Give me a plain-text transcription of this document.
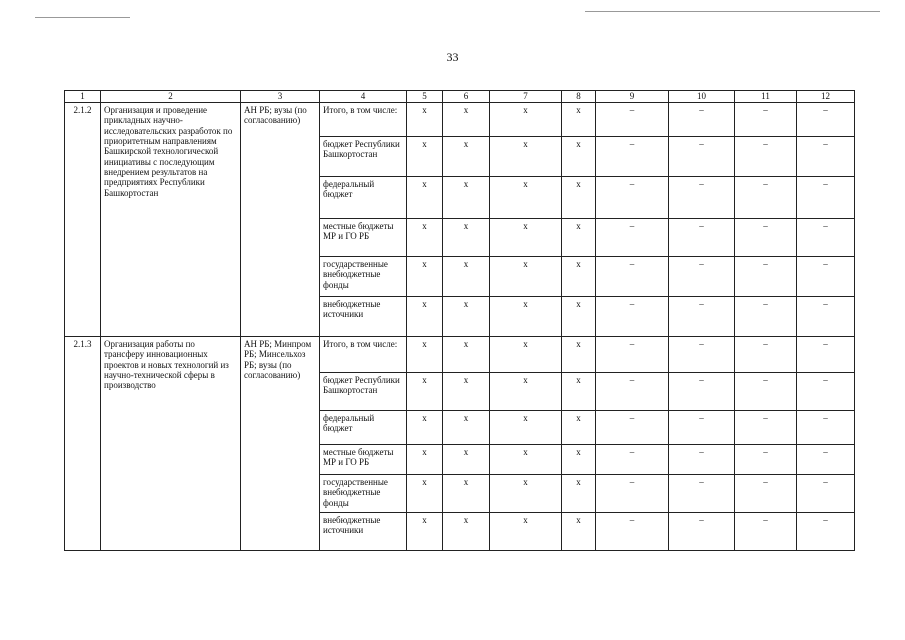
33
1	2	3	4	5	6	7	8	9	10	11	12
2.1.2	Организация и проведение прикладных научно-исследовательских разработок по приоритетным направлениям Башкирской технологической инициативы с последующим внедрением результатов на предприятиях Республики Башкортостан	АН РБ; вузы (по согласованию)	Итого, в том числе:	х	х	х	х	–	–	–	–
			бюджет Республики Башкортостан	х	х	х	х	–	–	–	–
			федеральный бюджет	х	х	х	х	–	–	–	–
			местные бюджеты МР и ГО РБ	х	х	х	х	–	–	–	–
			государственные внебюджетные фонды	х	х	х	х	–	–	–	–
			внебюджетные источники	х	х	х	х	–	–	–	–
2.1.3	Организация работы по трансферу инновационных проектов и новых технологий из научно-технической сферы в производство	АН РБ; Минпром РБ; Минсельхоз РБ; вузы (по согласованию)	Итого, в том числе:	х	х	х	х	–	–	–	–
			бюджет Республики Башкортостан	х	х	х	х	–	–	–	–
			федеральный бюджет	х	х	х	х	–	–	–	–
			местные бюджеты МР и ГО РБ	х	х	х	х	–	–	–	–
			государственные внебюджетные фонды	х	х	х	х	–	–	–	–
			внебюджетные источники	х	х	х	х	–	–	–	–
